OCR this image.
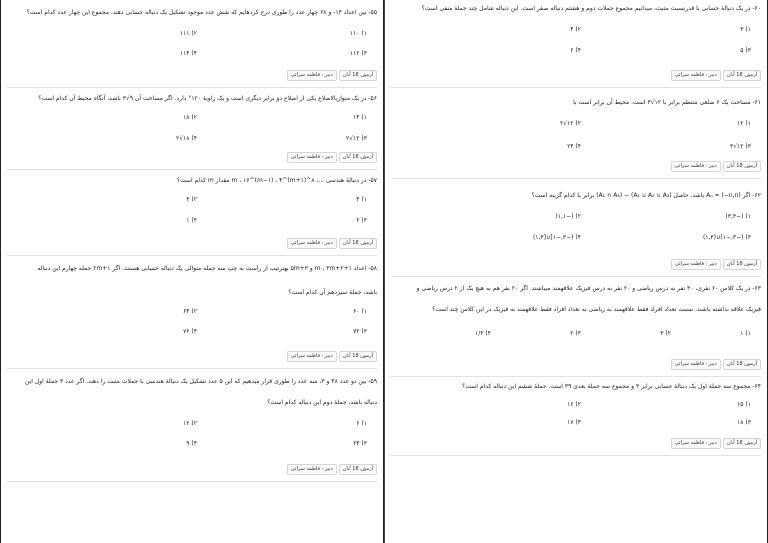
۵۵- بین اعداد ۱۳- و ۶۸ چهار عدد را طوری درج کردهایم که شش عدد موجود تشکیل یک دنباله حسابی دهند. مجموع این چهار عدد کدام است؟
۱) ۱۱۰
۲) ۱۱۱
۳) ۱۱۲
۴) ۱۱۴
آزمون 18 آبان
دبیر : فاطمه سرائی
۵۶- در یک متوازیالاضلاع یکی از اضلاع دو برابر دیگری است و یک زاویهٔ ۱۲۰° دارد. اگر مساحت آن ۹√۳ باشد، آنگاه محیط آن کدام است؟
۱) ۱۴
۲) ۱۸
۳) ۱۲√۲
۴) ۱۸√۲
آزمون 18 آبان
دبیر : فاطمه سرائی
۵۷- در دنبالهٔ هندسی ...، ۸^m ، ۱۶^(m−۱) ، ۴^(m+۱) مقدار m کدام است؟
۱) ۴
۲) ۳
۳) ۲
۴) ۱
آزمون 18 آبان
دبیر : فاطمه سرائی
۵۸- اعداد ۱+m ، ۳m+۲ و ۵m+۳ بهترتیب از راست به چپ سه جمله متوالی یک دنباله حسابی هستند. اگر ۱+۲m جمله چهارم این دنباله
باشد، جملهٔ سیزدهم آن کدام است؟
۱) ۶۰
۲) ۶۴
۳) ۷۲
۴) ۷۶
آزمون 18 آبان
دبیر : فاطمه سرائی
۵۹- بین دو عدد ۴۸ و ۳، سه عدد را طوری قرار میدهیم که این ۵ عدد تشکیل یک دنبالهٔ هندسی با جملات مثبت را دهند. اگر عدد ۳ جملهٔ اول این
دنباله باشد، جملهٔ دوم این دنباله کدام است؟
۱) ۶
۲) ۱۲
۳) ۲۴
۴) ۹
آزمون 18 آبان
دبیر : فاطمه سرائی
۶۰- در یک دنبالهٔ حسابی با قدرنسبت مثبت، میدانیم مجموع جملات دوم و هشتم دنباله صفر است. این دنباله شامل چند جملهٔ منفی است؟
۱) ۳
۲) ۴
۳) ۵
۴) ۶
آزمون 18 آبان
دبیر : فاطمه سرائی
۶۱- مساحت یک ۶ ضلعی منتظم برابر با ۱۲√۳ است. محیط آن برابر است با
۱) ۱۲
۲) ۱۲√۲
۳) ۱۲√۳
۴) ۲۴
آزمون 18 آبان
دبیر : فاطمه سرائی
۶۲- اگر Aₙ = (−n,n) باشد، حاصل (A₁ ∪ A₂ ∪ A₃) − (A₁ ∩ A₄) برابر با کدام گزینه است؟
۱) (−۳,۳)
۲) (−۱,۱)
۳) (−۳,−۱)∪(۱,۳)
۴) (−۳,−۱]∪[۱,۳)
آزمون 18 آبان
دبیر : فاطمه سرائی
۶۳- در یک کلاس ۶۰ نفری، ۳۰ نفر به درس ریاضی و ۲۰ نفر به درس فیزیک علاقهمند میباشند. اگر ۲۰ نفر هم به هیچ یک از ۲ درس ریاضی و
فیزیک علاقه نداشته باشند، نسبت تعداد افراد فقط علاقهمند به ریاضی به تعداد افراد فقط علاقهمند به فیزیک در این کلاس چند است؟
۱) ۱
۲) ۳
۳) ۲
۴) ۱/۳
آزمون 18 آبان
دبیر : فاطمه سرائی
۶۴- مجموع سه جملهٔ اول یک دنبالهٔ حسابی برابر ۳ و مجموع سه جملهٔ بعدی ۳۹ است. جملهٔ ششم این دنباله کدام است؟
۱) ۱۵
۲) ۱۶
۳) ۱۸
۴) ۱۷
آزمون 18 آبان
دبیر : فاطمه سرائی
